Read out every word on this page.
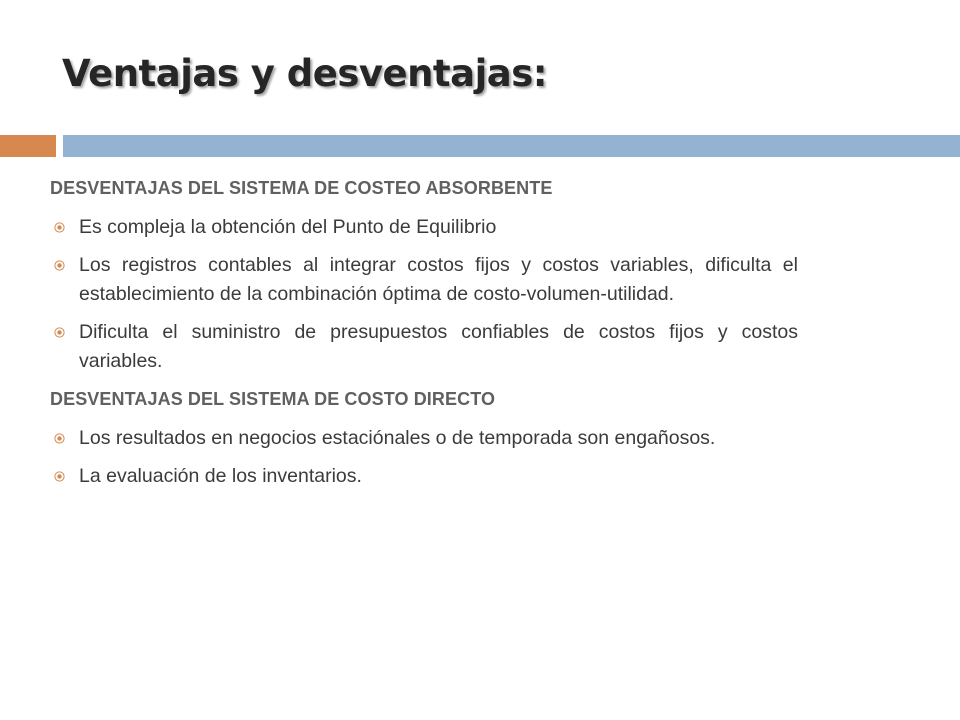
Ventajas y desventajas:
DESVENTAJAS DEL SISTEMA DE COSTEO ABSORBENTE
Es compleja la obtención del Punto de Equilibrio
Los registros contables al integrar costos fijos y costos variables, dificulta el establecimiento de la combinación óptima de costo-volumen-utilidad.
Dificulta el suministro de presupuestos confiables de costos fijos y costos variables.
DESVENTAJAS DEL SISTEMA DE COSTO DIRECTO
Los resultados en negocios estaciónales o de temporada son engañosos.
La evaluación de los inventarios.
